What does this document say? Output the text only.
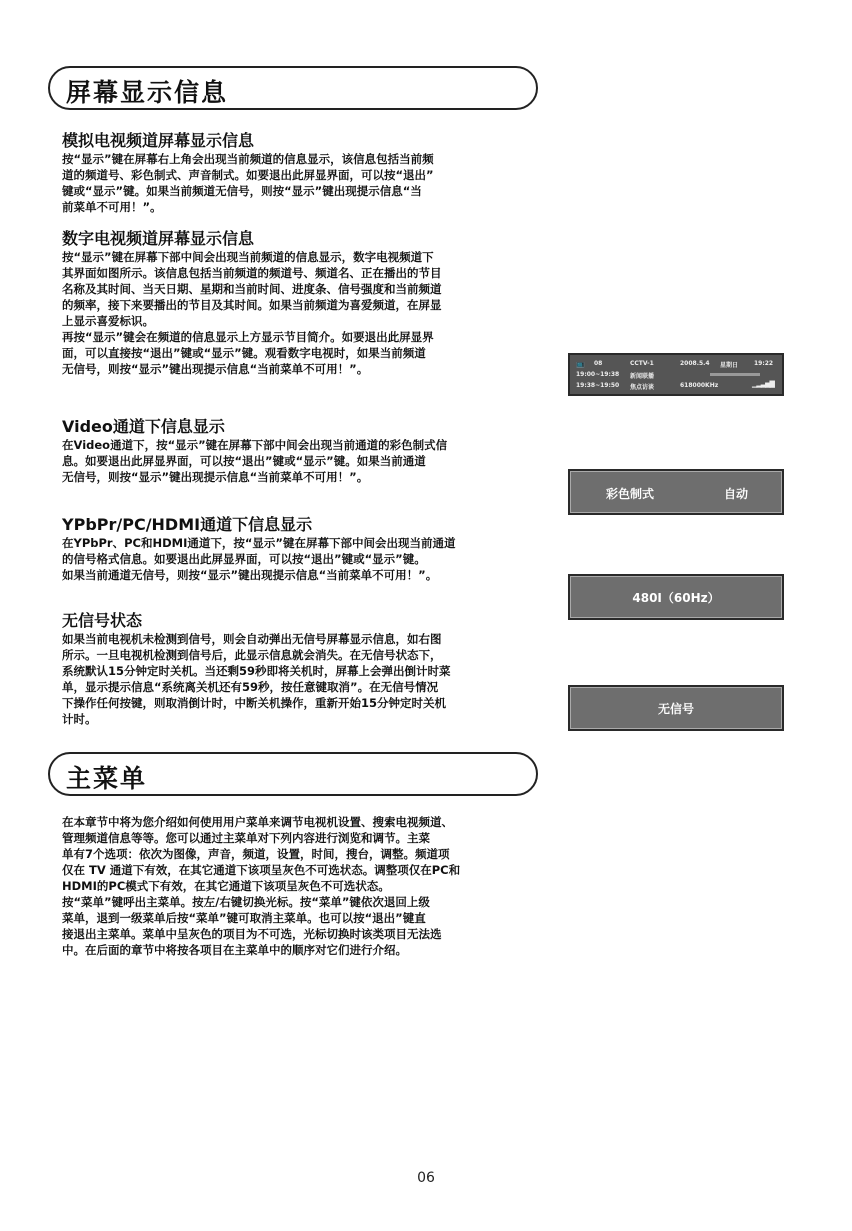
屏幕显示信息
模拟电视频道屏幕显示信息

按“显示”键在屏幕右上角会出现当前频道的信息显示，该信息包括当前频

道的频道号、彩色制式、声音制式。如要退出此屏显界面，可以按“退出”

键或“显示”键。如果当前频道无信号，则按“显示”键出现提示信息“当

前菜单不可用！”。

数字电视频道屏幕显示信息

按“显示”键在屏幕下部中间会出现当前频道的信息显示，数字电视频道下

其界面如图所示。该信息包括当前频道的频道号、频道名、正在播出的节目

名称及其时间、当天日期、星期和当前时间、进度条、信号强度和当前频道

的频率，接下来要播出的节目及其时间。如果当前频道为喜爱频道，在屏显

上显示喜爱标识。

再按“显示”键会在频道的信息显示上方显示节目简介。如要退出此屏显界

面，可以直接按“退出”键或“显示”键。观看数字电视时，如果当前频道

无信号，则按“显示”键出现提示信息“当前菜单不可用！”。

Video通道下信息显示

在Video通道下，按“显示”键在屏幕下部中间会出现当前通道的彩色制式信

息。如要退出此屏显界面，可以按“退出”键或“显示”键。如果当前通道

无信号，则按“显示”键出现提示信息“当前菜单不可用！”。

YPbPr/PC/HDMI通道下信息显示

在YPbPr、PC和HDMI通道下，按“显示”键在屏幕下部中间会出现当前通道

的信号格式信息。如要退出此屏显界面，可以按“退出”键或“显示”键。

如果当前通道无信号，则按“显示”键出现提示信息“当前菜单不可用！”。

无信号状态

如果当前电视机未检测到信号，则会自动弹出无信号屏幕显示信息，如右图

所示。一旦电视机检测到信号后，此显示信息就会消失。在无信号状态下，

系统默认15分钟定时关机。当还剩59秒即将关机时，屏幕上会弹出倒计时菜

单，显示提示信息“系统离关机还有59秒，按任意键取消”。在无信号情况

下操作任何按键，则取消倒计时，中断关机操作，重新开始15分钟定时关机

计时。

主菜单

在本章节中将为您介绍如何使用用户菜单来调节电视机设置、搜索电视频道、

管理频道信息等等。您可以通过主菜单对下列内容进行浏览和调节。主菜

单有7个选项：依次为图像，声音，频道，设置，时间，搜台，调整。频道项

仅在 TV 通道下有效，在其它通道下该项呈灰色不可选状态。调整项仅在PC和

HDMI的PC模式下有效，在其它通道下该项呈灰色不可选状态。

按“菜单”键呼出主菜单。按左/右键切换光标。按“菜单”键依次退回上级

菜单，退到一级菜单后按“菜单”键可取消主菜单。也可以按“退出”键直

接退出主菜单。菜单中呈灰色的项目为不可选，光标切换时该类项目无法选

中。在后面的章节中将按各项目在主菜单中的顺序对它们进行介绍。

📺 08	CCTV-1	2008.5.4 星期日	19:22
19:00~19:38 新闻联播
19:38~19:50 焦点访谈	618000KHz	▁▂▃▅▇
彩色制式	自动
480I（60Hz）
无信号
06
